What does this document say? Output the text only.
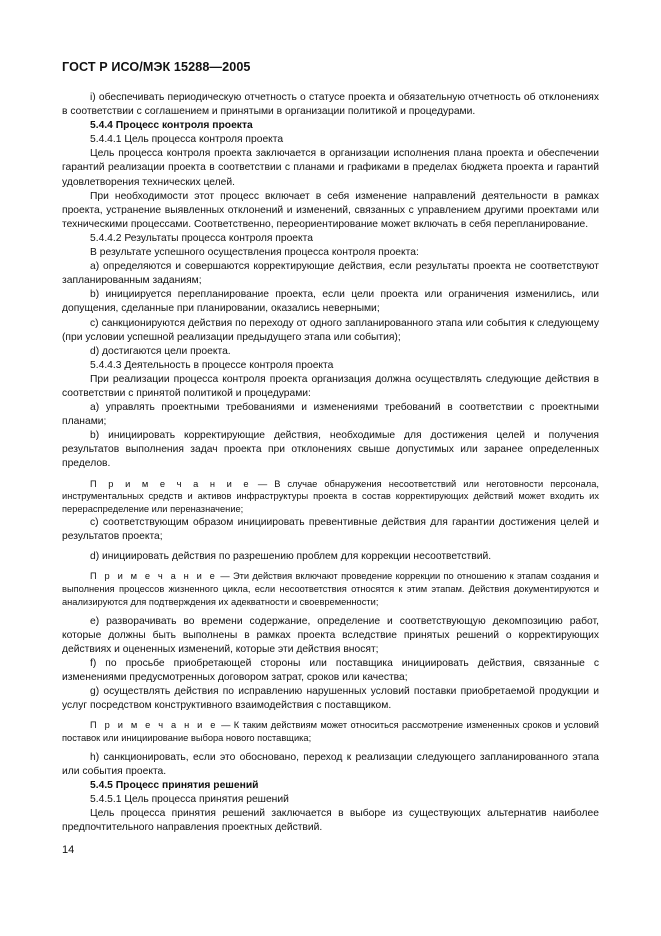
ГОСТ Р ИСО/МЭК 15288—2005

i) обеспечивать периодическую отчетность о статусе проекта и обязательную отчетность об отклонениях в соответствии с соглашением и принятыми в организации политикой и процедурами.

5.4.4 Процесс контроля проекта

5.4.4.1 Цель процесса контроля проекта

Цель процесса контроля проекта заключается в организации исполнения плана проекта и обеспечении гарантий реализации проекта в соответствии с планами и графиками в пределах бюджета проекта и гарантий удовлетворения технических целей.

При необходимости этот процесс включает в себя изменение направлений деятельности в рамках проекта, устранение выявленных отклонений и изменений, связанных с управлением другими проектами или техническими процессами. Соответственно, переориентирование может включать в себя перепланирование.

5.4.4.2 Результаты процесса контроля проекта

В результате успешного осуществления процесса контроля проекта:

a) определяются и совершаются корректирующие действия, если результаты проекта не соответствуют запланированным заданиям;

b) инициируется перепланирование проекта, если цели проекта или ограничения изменились, или допущения, сделанные при планировании, оказались неверными;

c) санкционируются действия по переходу от одного запланированного этапа или события к следующему (при условии успешной реализации предыдущего этапа или события);

d) достигаются цели проекта.

5.4.4.3 Деятельность в процессе контроля проекта

При реализации процесса контроля проекта организация должна осуществлять следующие действия в соответствии с принятой политикой и процедурами:

a) управлять проектными требованиями и изменениями требований в соответствии с проектными планами;

b) инициировать корректирующие действия, необходимые для достижения целей и получения результатов выполнения задач проекта при отклонениях свыше допустимых или заранее определенных пределов.

П р и м е ч а н и е — В случае обнаружения несоответствий или неготовности персонала, инструментальных средств и активов инфраструктуры проекта в состав корректирующих действий может входить их перераспределение или переназначение;

c) соответствующим образом инициировать превентивные действия для гарантии достижения целей и результатов проекта;

d) инициировать действия по разрешению проблем для коррекции несоответствий.

П р и м е ч а н и е — Эти действия включают проведение коррекции по отношению к этапам создания и выполнения процессов жизненного цикла, если несоответствия относятся к этим этапам. Действия документируются и анализируются для подтверждения их адекватности и своевременности;

e) разворачивать во времени содержание, определение и соответствующую декомпозицию работ, которые должны быть выполнены в рамках проекта вследствие принятых решений о корректирующих действиях и оцененных изменений, которые эти действия вносят;

f) по просьбе приобретающей стороны или поставщика инициировать действия, связанные с изменениями предусмотренных договором затрат, сроков или качества;

g) осуществлять действия по исправлению нарушенных условий поставки приобретаемой продукции и услуг посредством конструктивного взаимодействия с поставщиком.

П р и м е ч а н и е — К таким действиям может относиться рассмотрение измененных сроков и условий поставок или инициирование выбора нового поставщика;

h) санкционировать, если это обосновано, переход к реализации следующего запланированного этапа или события проекта.

5.4.5 Процесс принятия решений

5.4.5.1 Цель процесса принятия решений

Цель процесса принятия решений заключается в выборе из существующих альтернатив наиболее предпочтительного направления проектных действий.

14
